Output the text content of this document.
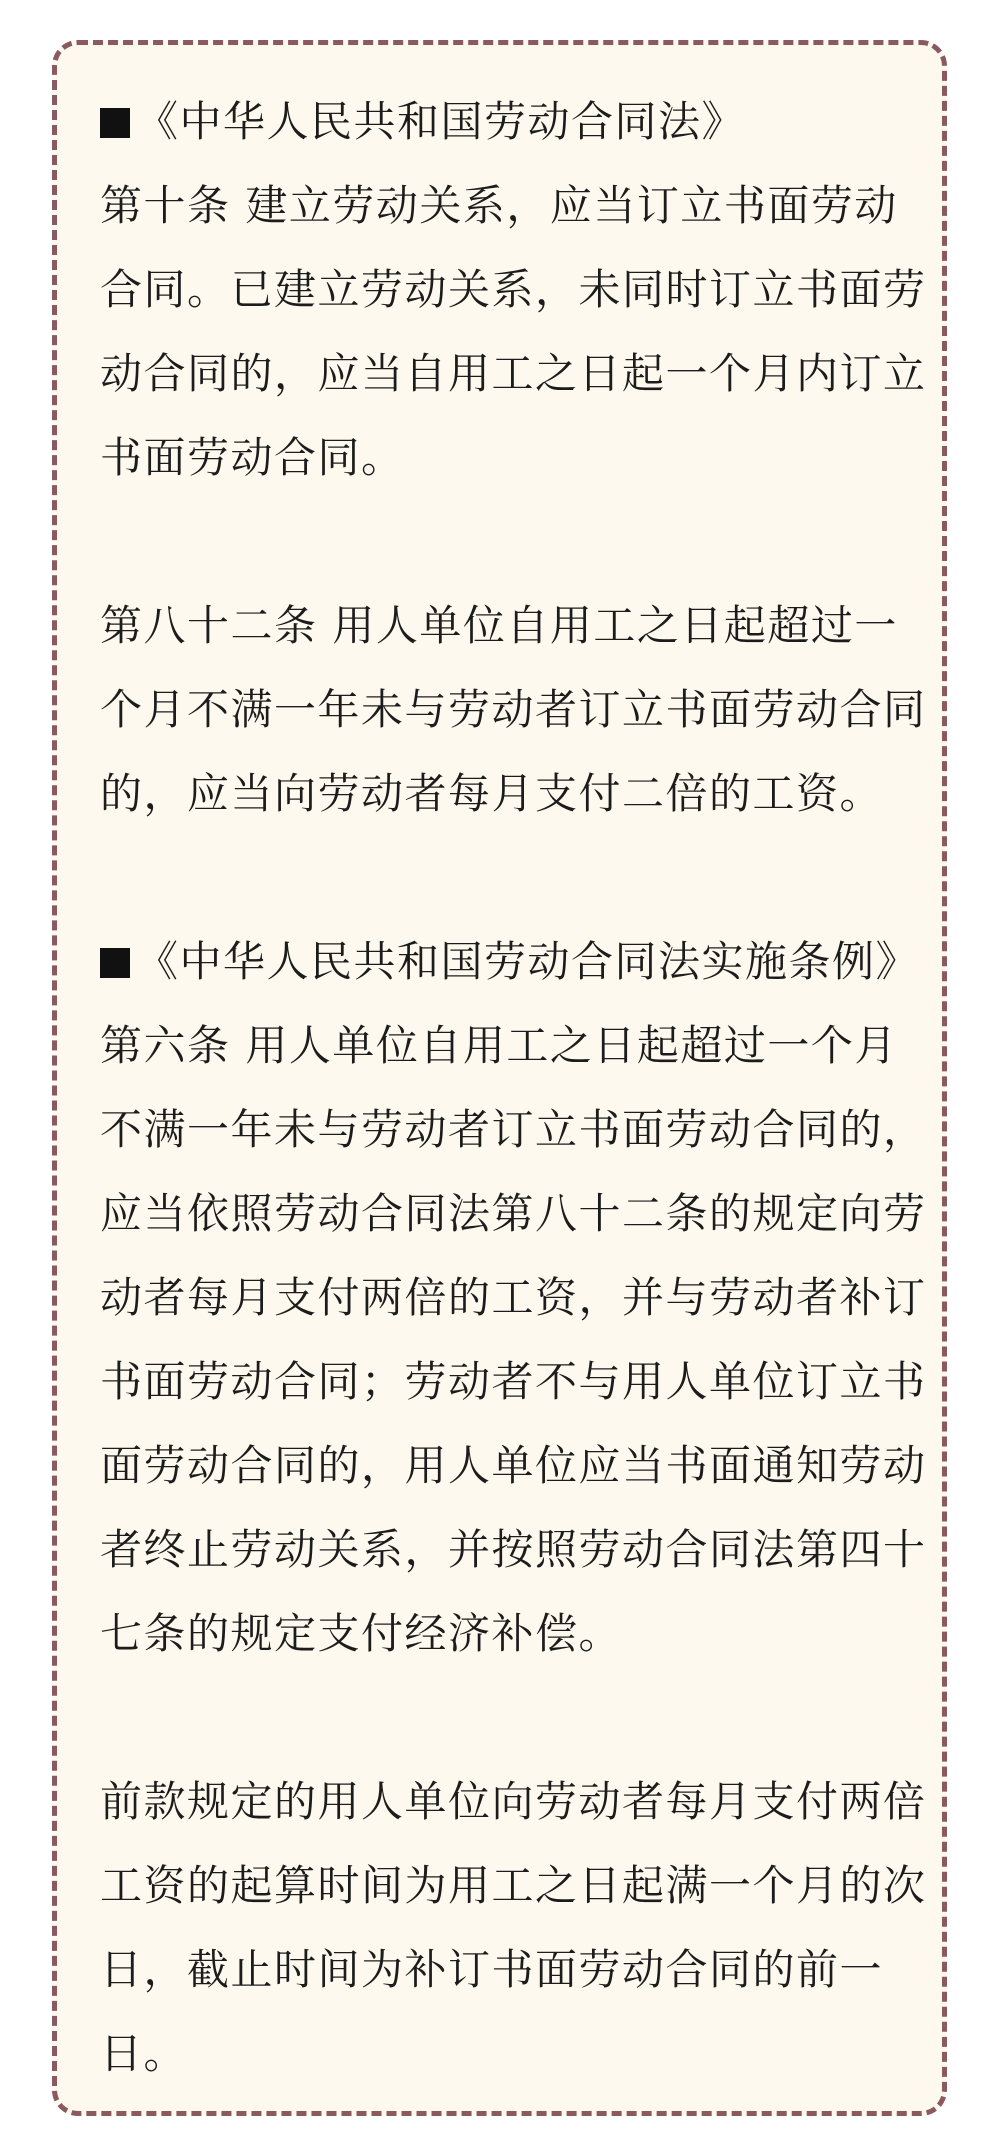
《中华人民共和国劳动合同法》
第十条 建立劳动关系，应当订立书面劳动
合同。已建立劳动关系，未同时订立书面劳
动合同的，应当自用工之日起一个月内订立
书面劳动合同。
第八十二条 用人单位自用工之日起超过一
个月不满一年未与劳动者订立书面劳动合同
的，应当向劳动者每月支付二倍的工资。
《中华人民共和国劳动合同法实施条例》
第六条 用人单位自用工之日起超过一个月
不满一年未与劳动者订立书面劳动合同的，
应当依照劳动合同法第八十二条的规定向劳
动者每月支付两倍的工资，并与劳动者补订
书面劳动合同；劳动者不与用人单位订立书
面劳动合同的，用人单位应当书面通知劳动
者终止劳动关系，并按照劳动合同法第四十
七条的规定支付经济补偿。
前款规定的用人单位向劳动者每月支付两倍
工资的起算时间为用工之日起满一个月的次
日，截止时间为补订书面劳动合同的前一
日。
